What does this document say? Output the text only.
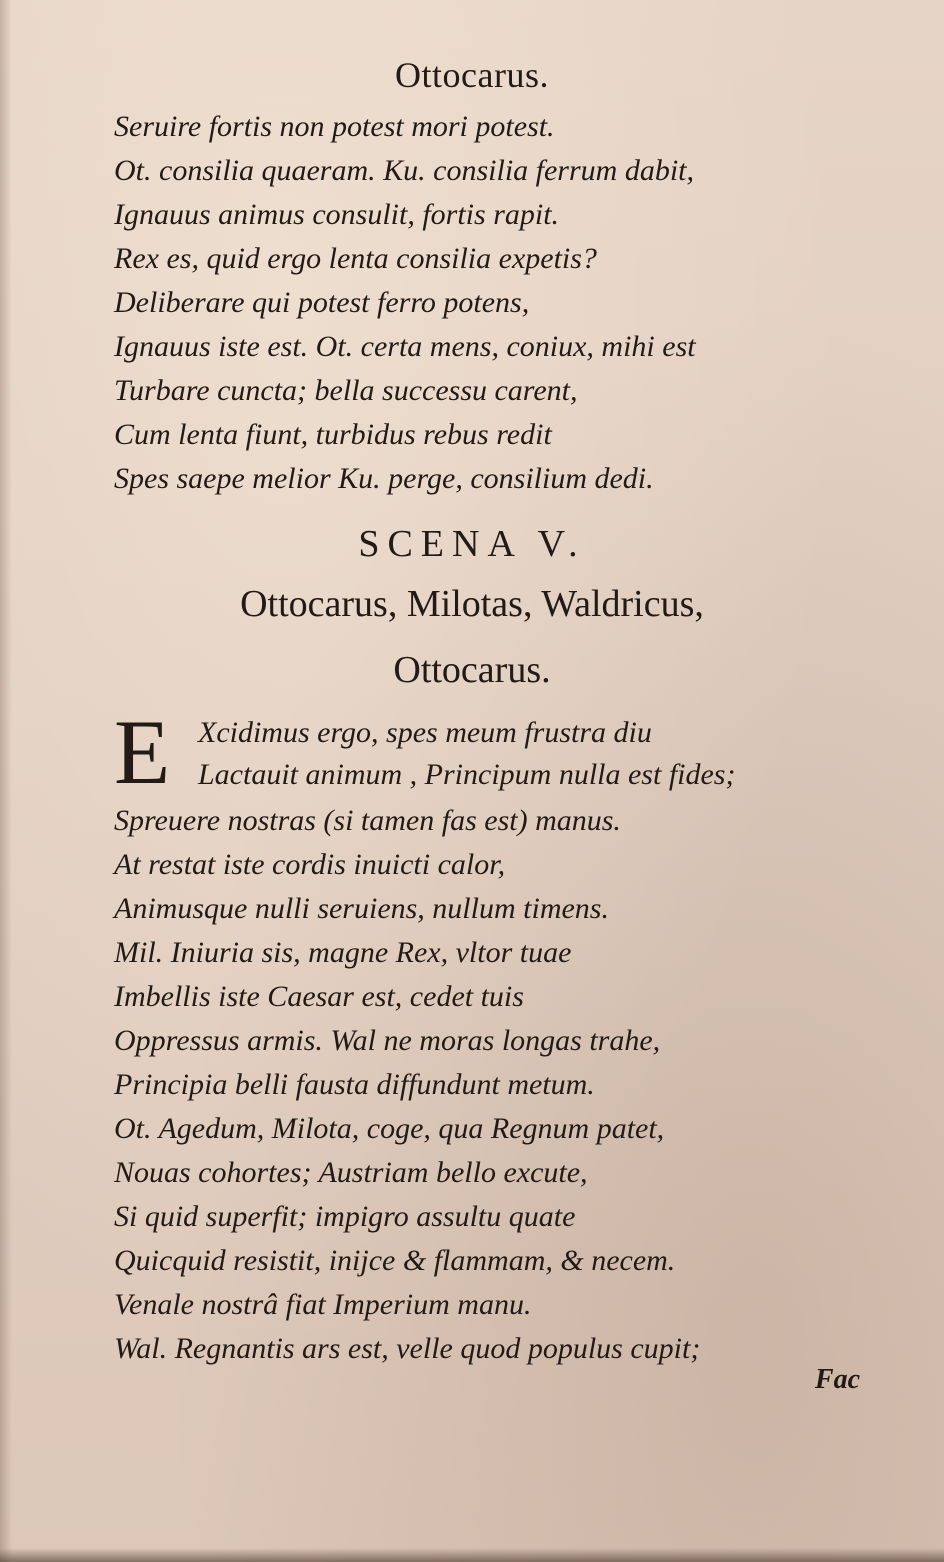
Ottocarus.
Seruire fortis non potest mori potest.
Ot. consilia quaeram. Ku. consilia ferrum dabit,
Ignauus animus consulit, fortis rapit.
Rex es, quid ergo lenta consilia expetis?
Deliberare qui potest ferro potens,
Ignauus iste est. Ot. certa mens, coniux, mihi est
Turbare cuncta; bella successu carent,
Cum lenta fiunt, turbidus rebus redit
Spes saepe melior Ku. perge, consilium dedi.
SCENA V.
Ottocarus, Milotas, Waldricus,
Ottocarus.
E Xcidimus ergo, spes meum frustra diu
Lactauit animum , Principum nulla est fides;
Spreuere nostras (si tamen fas est) manus.
At restat iste cordis inuicti calor,
Animusque nulli seruiens, nullum timens.
Mil. Iniuria sis, magne Rex, vltor tuae
Imbellis iste Caesar est, cedet tuis
Oppressus armis. Wal ne moras longas trahe,
Principia belli fausta diffundunt metum.
Ot. Agedum, Milota, coge, qua Regnum patet,
Nouas cohortes; Austriam bello excute,
Si quid superfit; impigro assultu quate
Quicquid resistit, inijce & flammam, & necem.
Venale nostrâ fiat Imperium manu.
Wal. Regnantis ars est, velle quod populus cupit;
Fac
